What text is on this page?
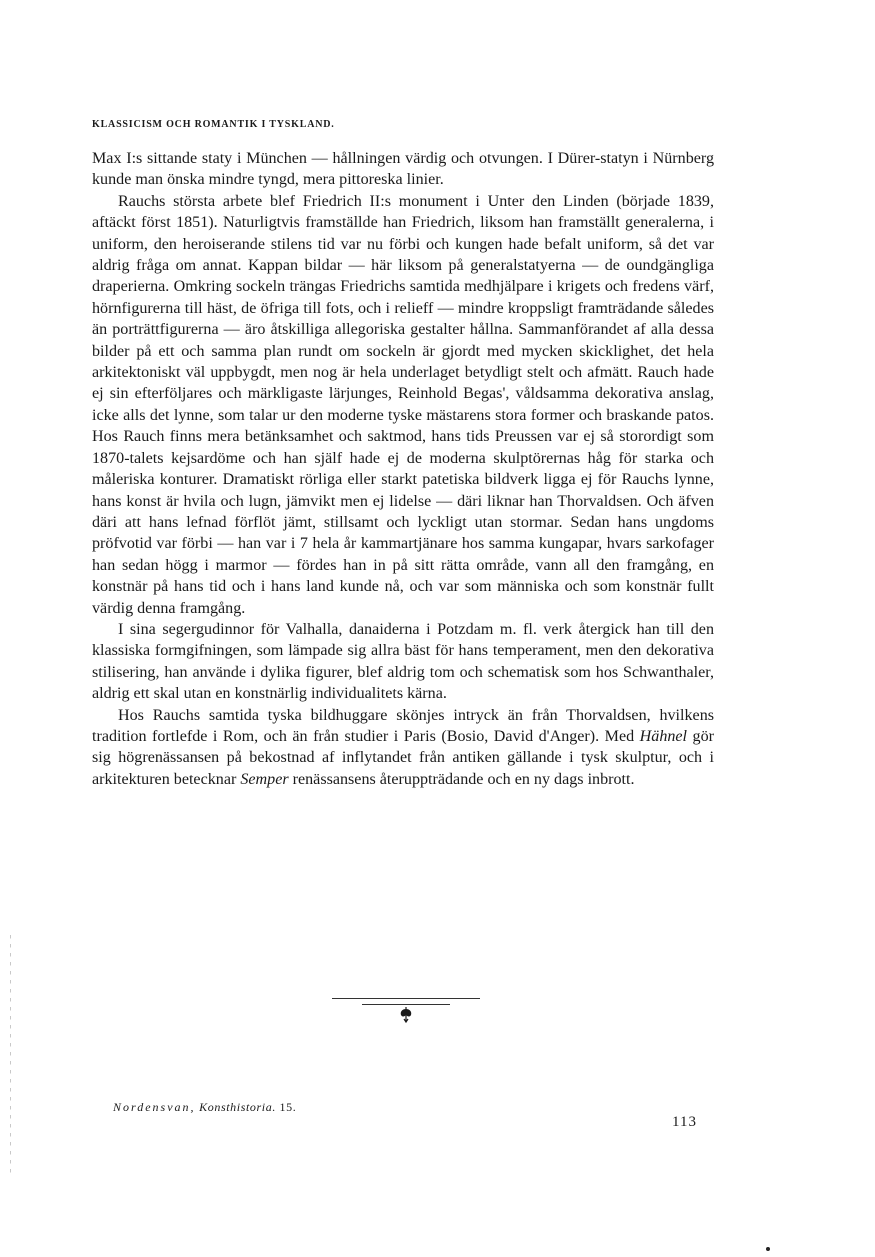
KLASSICISM OCH ROMANTIK I TYSKLAND.

Max I:s sittande staty i München — hållningen värdig och otvungen. I Dürer-statyn i Nürnberg kunde man önska mindre tyngd, mera pittoreska linier.

Rauchs största arbete blef Friedrich II:s monument i Unter den Linden (började 1839, aftäckt först 1851). Naturligtvis framställde han Friedrich, liksom han framställt generalerna, i uniform, den heroiserande stilens tid var nu förbi och kungen hade befalt uniform, så det var aldrig fråga om annat. Kappan bildar — här liksom på generalstatyerna — de oundgängliga draperierna. Omkring sockeln trängas Friedrichs samtida medhjälpare i krigets och fredens värf, hörnfigurerna till häst, de öfriga till fots, och i relieff — mindre kroppsligt framträdande således än porträttfigurerna — äro åtskilliga allegoriska gestalter hållna. Sammanförandet af alla dessa bilder på ett och samma plan rundt om sockeln är gjordt med mycken skicklighet, det hela arkitektoniskt väl uppbygdt, men nog är hela underlaget betydligt stelt och afmätt. Rauch hade ej sin efterföljares och märkligaste lärjunges, Reinhold Begas', våldsamma dekorativa anslag, icke alls det lynne, som talar ur den moderne tyske mästarens stora former och braskande patos. Hos Rauch finns mera betänksamhet och saktmod, hans tids Preussen var ej så storordigt som 1870-talets kejsardöme och han själf hade ej de moderna skulptörernas håg för starka och måleriska konturer. Dramatiskt rörliga eller starkt patetiska bildverk ligga ej för Rauchs lynne, hans konst är hvila och lugn, jämvikt men ej lidelse — däri liknar han Thorvaldsen. Och äfven däri att hans lefnad förflöt jämt, stillsamt och lyckligt utan stormar. Sedan hans ungdoms pröfvotid var förbi — han var i 7 hela år kammartjänare hos samma kungapar, hvars sarkofager han sedan högg i marmor — fördes han in på sitt rätta område, vann all den framgång, en konstnär på hans tid och i hans land kunde nå, och var som människa och som konstnär fullt värdig denna framgång.

I sina segergudinnor för Valhalla, danaiderna i Potzdam m. fl. verk återgick han till den klassiska formgifningen, som lämpade sig allra bäst för hans temperament, men den dekorativa stilisering, han använde i dylika figurer, blef aldrig tom och schematisk som hos Schwanthaler, aldrig ett skal utan en konstnärlig individualitets kärna.

Hos Rauchs samtida tyska bildhuggare skönjes intryck än från Thorvaldsen, hvilkens tradition fortlefde i Rom, och än från studier i Paris (Bosio, David d'Anger). Med Hähnel gör sig högrenässansen på bekostnad af inflytandet från antiken gällande i tysk skulptur, och i arkitekturen betecknar Semper renässansens återuppträdande och en ny dags inbrott.

Nordensvan, Konsthistoria. 15.
113
